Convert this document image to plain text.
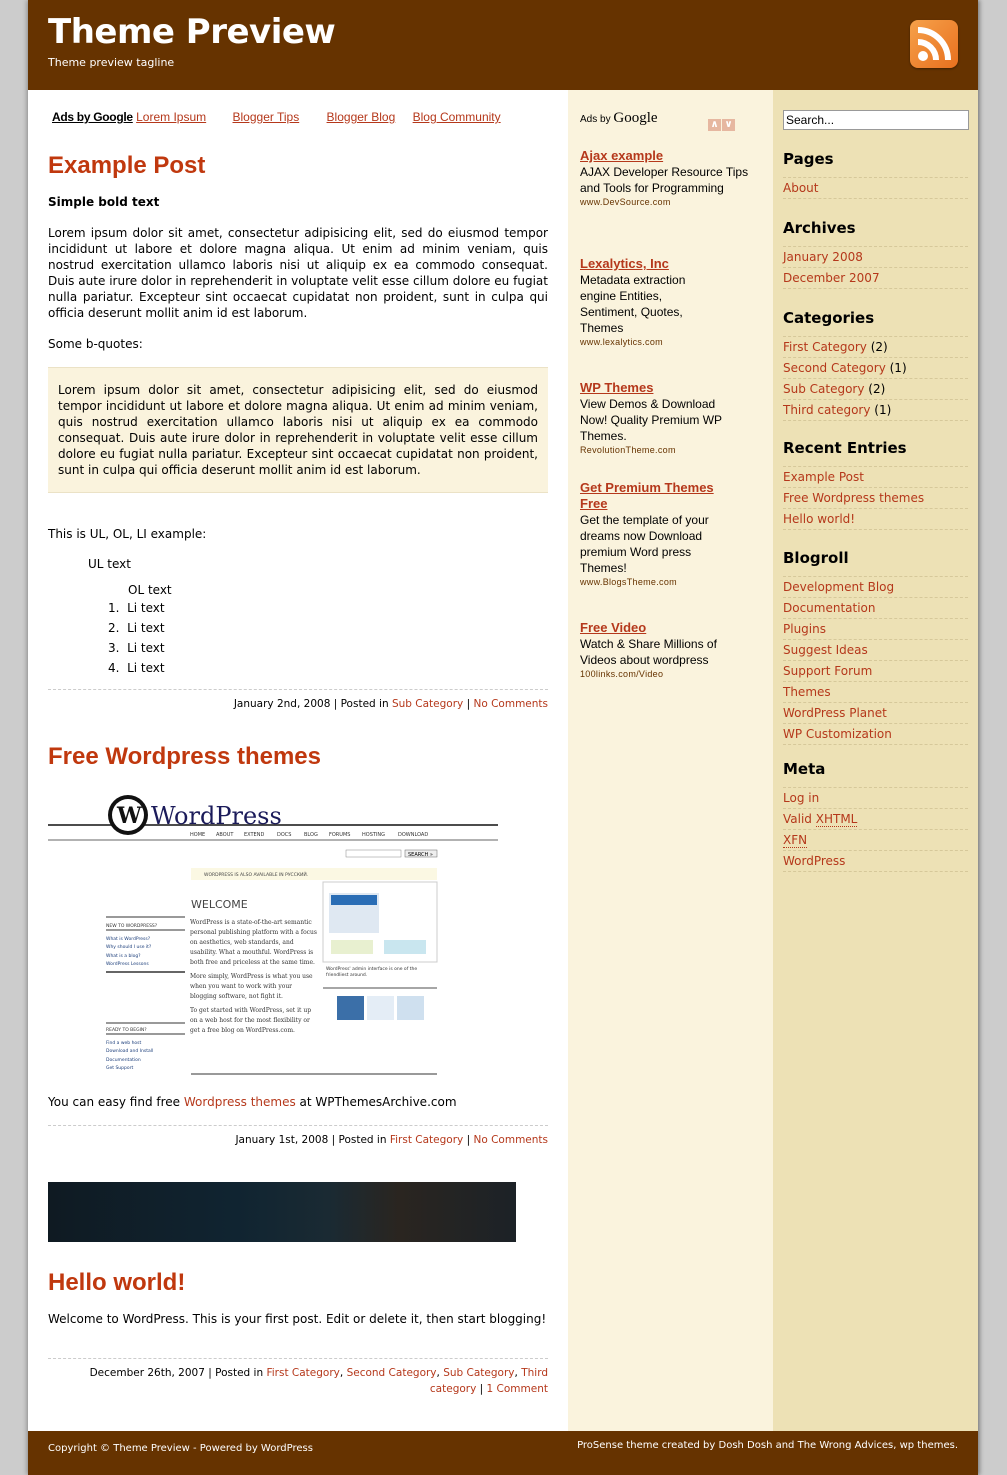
Theme Preview
Theme preview tagline
Ads by Google Lorem Ipsum Blogger Tips Blogger Blog Blog Community
Example Post
Simple bold text
Lorem ipsum dolor sit amet, consectetur adipisicing elit, sed do eiusmod tempor incididunt ut labore et dolore magna aliqua. Ut enim ad minim veniam, quis nostrud exercitation ullamco laboris nisi ut aliquip ex ea commodo consequat. Duis aute irure dolor in reprehenderit in voluptate velit esse cillum dolore eu fugiat nulla pariatur. Excepteur sint occaecat cupidatat non proident, sunt in culpa qui officia deserunt mollit anim id est laborum.
Some b-quotes:
Lorem ipsum dolor sit amet, consectetur adipisicing elit, sed do eiusmod tempor incididunt ut labore et dolore magna aliqua. Ut enim ad minim veniam, quis nostrud exercitation ullamco laboris nisi ut aliquip ex ea commodo consequat. Duis aute irure dolor in reprehenderit in voluptate velit esse cillum dolore eu fugiat nulla pariatur. Excepteur sint occaecat cupidatat non proident, sunt in culpa qui officia deserunt mollit anim id est laborum.
This is UL, OL, LI example:
UL text
OL text
1.  Li text
2.  Li text
3.  Li text
4.  Li text
January 2nd, 2008 | Posted in Sub Category | No Comments
Free Wordpress themes
W WordPress
HOME ABOUT EXTEND	DOCS	BLOG FORUMS HOSTING	DOWNLOAD
SEARCH »
WORDPRESS IS ALSO AVAILABLE IN РУССКИЙ.
WELCOME
NEW TO WORDPRESS?
What is WordPress?
Why should I use it?
What is a blog?
WordPress Lessons
READY TO BEGIN?
Find a web host
Download and Install
Documentation
Get Support
WordPress is a state-of-the-art semantic personal publishing platform with a focus on aesthetics, web standards, and usability. What a mouthful. WordPress is both free and priceless at the same time.
More simply, WordPress is what you use when you want to work with your blogging software, not fight it.
To get started with WordPress, set it up on a web host for the most flexibility or get a free blog on WordPress.com.
WordPress' admin interface is one of the
friendliest around.
You can easy find free Wordpress themes at WPThemesArchive.com
January 1st, 2008 | Posted in First Category | No Comments
Hello world!
Welcome to WordPress. This is your first post. Edit or delete it, then start blogging!
December 26th, 2007 | Posted in First Category, Second Category, Sub Category, Third category | 1 Comment
Ads by Google	∧ ∨
Ajax example
AJAX Developer Resource Tips and Tools for Programming
www.DevSource.com
Lexalytics, Inc
Metadata extraction engine Entities, Sentiment, Quotes, Themes
www.lexalytics.com
WP Themes
View Demos & Download Now! Quality Premium WP Themes.
RevolutionTheme.com
Get Premium Themes Free
Get the template of your dreams now Download premium Word press Themes!
www.BlogsTheme.com
Free Video
Watch & Share Millions of Videos about wordpress
100links.com/Video
Search...
Pages
About
Archives
January 2008
December 2007
Categories
First Category (2)
Second Category (1)
Sub Category (2)
Third category (1)
Recent Entries
Example Post
Free Wordpress themes
Hello world!
Blogroll
Development Blog
Documentation
Plugins
Suggest Ideas
Support Forum
Themes
WordPress Planet
WP Customization
Meta
Log in
Valid XHTML
XFN
WordPress
Copyright © Theme Preview - Powered by WordPress	ProSense theme created by Dosh Dosh and The Wrong Advices, wp themes.
